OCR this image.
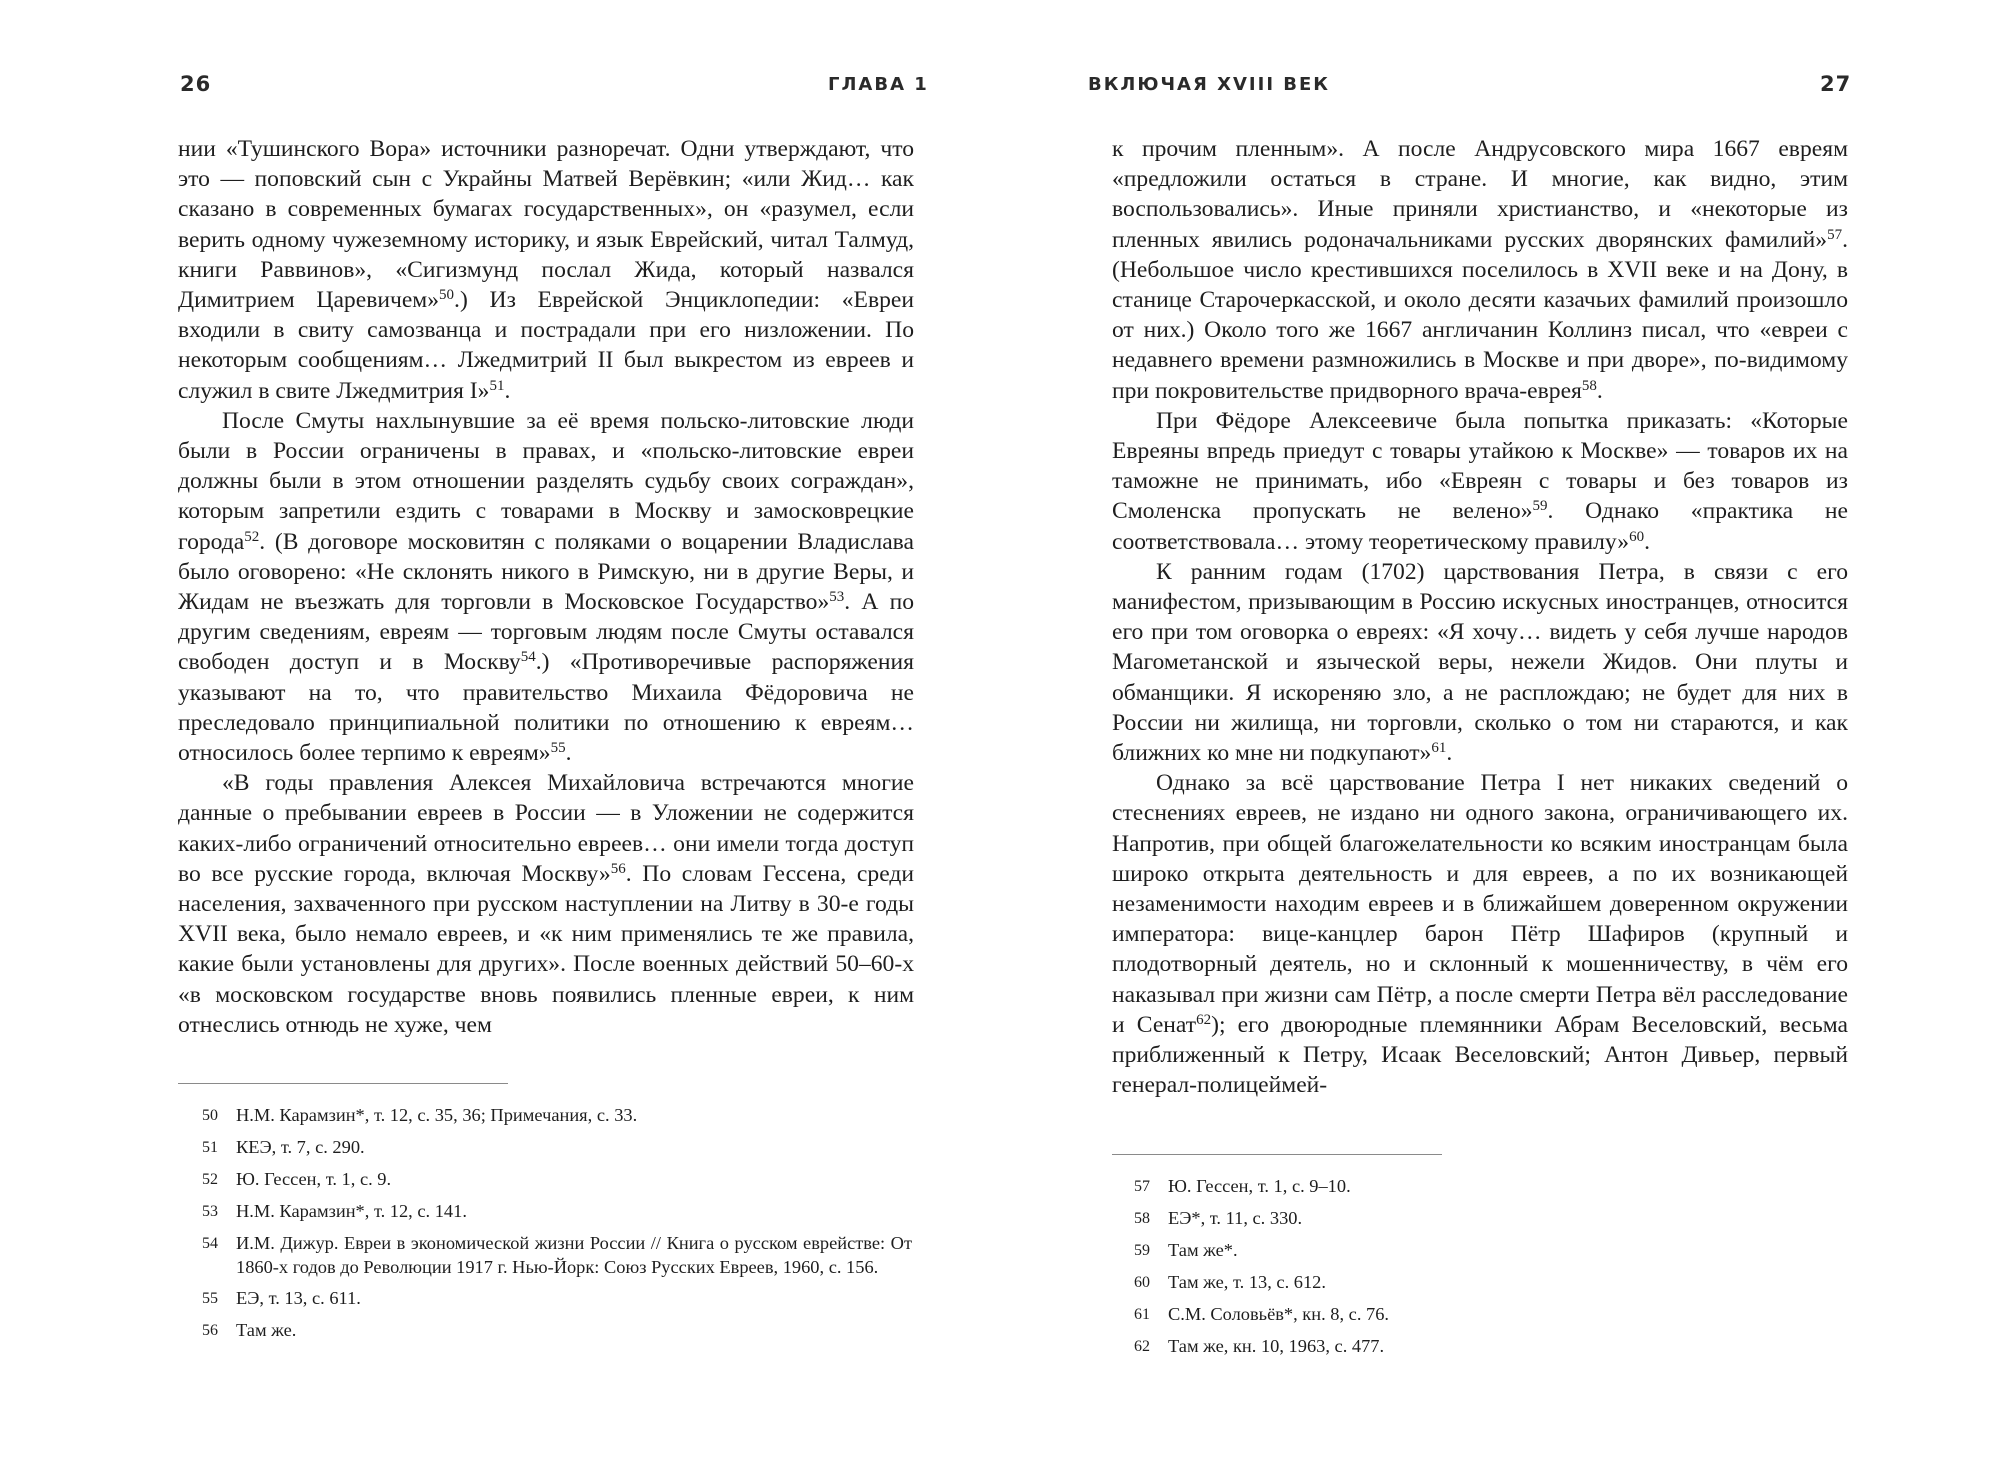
26	ГЛАВА 1

нии «Тушинского Вора» источники разноречат. Одни утверждают, что это — поповский сын с Украйны Матвей Верёвкин; «или Жид… как сказано в современных бумагах государственных», он «разумел, если верить одному чужеземному историку, и язык Еврейский, читал Талмуд, книги Раввинов», «Сигизмунд послал Жида, который назвался Димитрием Царевичем»$^{50}$.) Из Еврейской Энциклопедии: «Евреи входили в свиту самозванца и пострадали при его низложении. По некоторым сообщениям… Лжедмитрий II был выкрестом из евреев и служил в свите Лжедмитрия I»$^{51}$.

После Смуты нахлынувшие за её время польско-литовские люди были в России ограничены в правах, и «польско-литовские евреи должны были в этом отношении разделять судьбу своих сограждан», которым запретили ездить с товарами в Москву и замосковрецкие города$^{52}$. (В договоре московитян с поляками о воцарении Владислава было оговорено: «Не склонять никого в Римскую, ни в другие Веры, и Жидам не въезжать для торговли в Московское Государство»$^{53}$. А по другим сведениям, евреям — торговым людям после Смуты оставался свободен доступ и в Москву$^{54}$.) «Противоречивые распоряжения указывают на то, что правительство Михаила Фёдоровича не преследовало принципиальной политики по отношению к евреям… относилось более терпимо к евреям»$^{55}$.

«В годы правления Алексея Михайловича встречаются многие данные о пребывании евреев в России — в Уложении не содержится каких-либо ограничений относительно евреев… они имели тогда доступ во все русские города, включая Москву»$^{56}$. По словам Гессена, среди населения, захваченного при русском наступлении на Литву в 30-е годы XVII века, было немало евреев, и «к ним применялись те же правила, какие были установлены для других». После военных действий 50–60-х «в московском государстве вновь появились пленные евреи, к ним отнеслись отнюдь не хуже, чем

50 Н.М. Карамзин*, т. 12, с. 35, 36; Примечания, с. 33.
51 КЕЭ, т. 7, с. 290.
52 Ю. Гессен, т. 1, с. 9.
53 Н.М. Карамзин*, т. 12, с. 141.
54 И.М. Дижур. Евреи в экономической жизни России // Книга о русском еврействе: От 1860-х годов до Революции 1917 г. Нью-Йорк: Союз Русских Евреев, 1960, с. 156.
55 ЕЭ, т. 13, с. 611.
56 Там же.
ВКЛЮЧАЯ XVIII ВЕК	27

к прочим пленным». А после Андрусовского мира 1667 евреям «предложили остаться в стране. И многие, как видно, этим воспользовались». Иные приняли христианство, и «некоторые из пленных явились родоначальниками русских дворянских фамилий»$^{57}$. (Небольшое число крестившихся поселилось в XVII веке и на Дону, в станице Старочеркасской, и около десяти казачьих фамилий произошло от них.) Около того же 1667 англичанин Коллинз писал, что «евреи с недавнего времени размножились в Москве и при дворе», по-видимому при покровительстве придворного врача-еврея$^{58}$.

При Фёдоре Алексеевиче была попытка приказать: «Которые Евреяны впредь приедут с товары утайкою к Москве» — товаров их на таможне не принимать, ибо «Евреян с товары и без товаров из Смоленска пропускать не велено»$^{59}$. Однако «практика не соответствовала… этому теоретическому правилу»$^{60}$.

К ранним годам (1702) царствования Петра, в связи с его манифестом, призывающим в Россию искусных иностранцев, относится его при том оговорка о евреях: «Я хочу… видеть у себя лучше народов Магометанской и языческой веры, нежели Жидов. Они плуты и обманщики. Я искореняю зло, а не расплождаю; не будет для них в России ни жилища, ни торговли, сколько о том ни стараются, и как ближних ко мне ни подкупают»$^{61}$.

Однако за всё царствование Петра I нет никаких сведений о стеснениях евреев, не издано ни одного закона, ограничивающего их. Напротив, при общей благожелательности ко всяким иностранцам была широко открыта деятельность и для евреев, а по их возникающей незаменимости находим евреев и в ближайшем доверенном окружении императора: вице-канцлер барон Пётр Шафиров (крупный и плодотворный деятель, но и склонный к мошенничеству, в чём его наказывал при жизни сам Пётр, а после смерти Петра вёл расследование и Сенат$^{62}$); его двоюродные племянники Абрам Веселовский, весьма приближенный к Петру, Исаак Веселовский; Антон Дивьер, первый генерал-полицеймей-

57 Ю. Гессен, т. 1, с. 9–10.
58 ЕЭ*, т. 11, с. 330.
59 Там же*.
60 Там же, т. 13, с. 612.
61 С.М. Соловьёв*, кн. 8, с. 76.
62 Там же, кн. 10, 1963, с. 477.
